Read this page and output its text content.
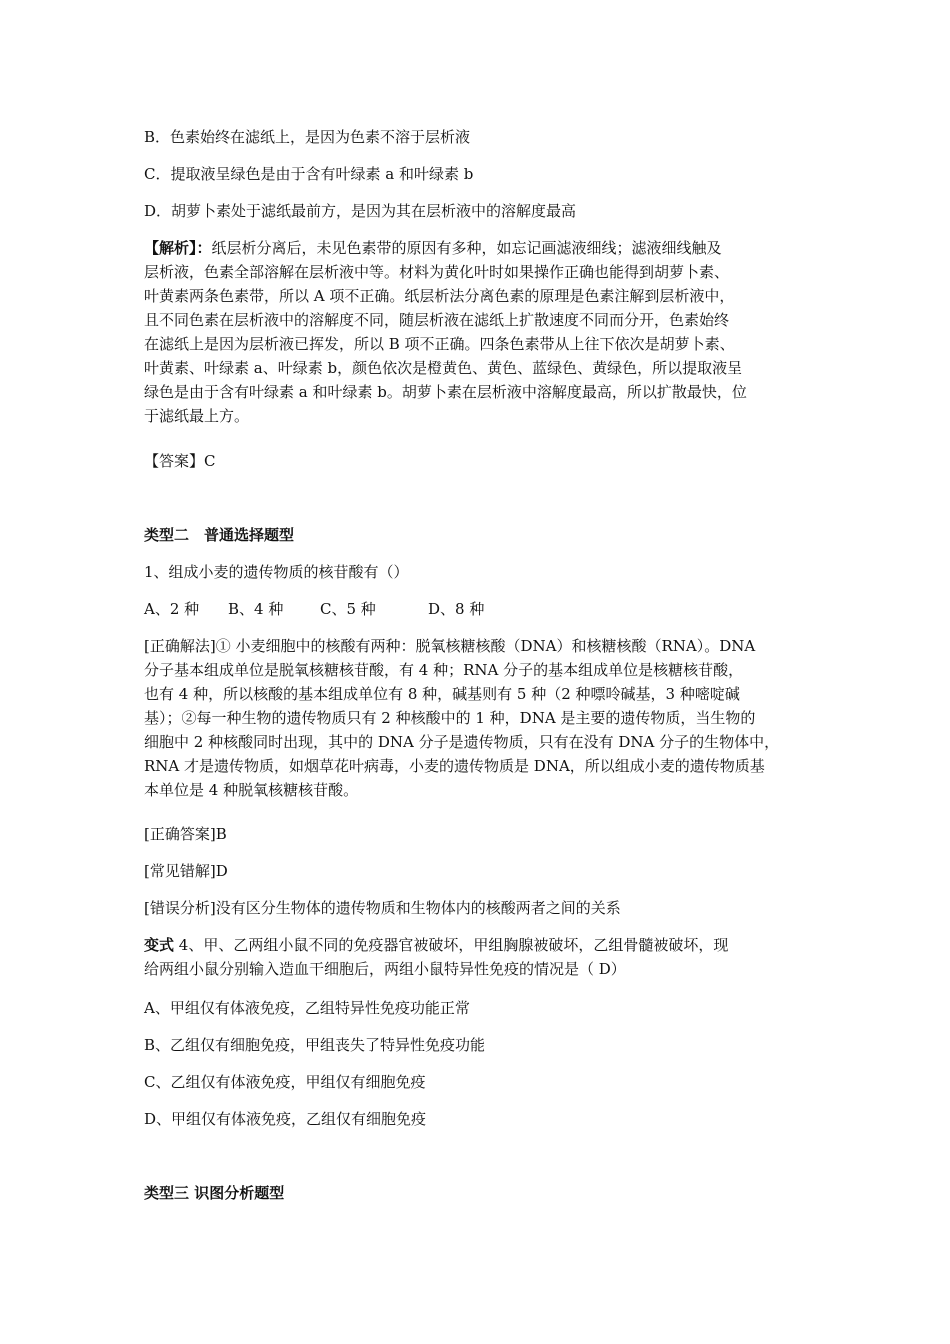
B．色素始终在滤纸上，是因为色素不溶于层析液

C．提取液呈绿色是由于含有叶绿素 a 和叶绿素 b

D．胡萝卜素处于滤纸最前方，是因为其在层析液中的溶解度最高

【解析】：纸层析分离后，未见色素带的原因有多种，如忘记画滤液细线；滤液细线触及

层析液，色素全部溶解在层析液中等。材料为黄化叶时如果操作正确也能得到胡萝卜素、

叶黄素两条色素带，所以 A 项不正确。纸层析法分离色素的原理是色素注解到层析液中，

且不同色素在层析液中的溶解度不同，随层析液在滤纸上扩散速度不同而分开，色素始终

在滤纸上是因为层析液已挥发，所以 B 项不正确。四条色素带从上往下依次是胡萝卜素、

叶黄素、叶绿素 a、叶绿素 b，颜色依次是橙黄色、黄色、蓝绿色、黄绿色，所以提取液呈

绿色是由于含有叶绿素 a 和叶绿素 b。胡萝卜素在层析液中溶解度最高，所以扩散最快，位

于滤纸最上方。

【答案】C

类型二　普通选择题型

1、组成小麦的遗传物质的核苷酸有（）

A、2 种 B、4 种 C、5 种	D、8 种

[正确解法]① 小麦细胞中的核酸有两种：脱氧核糖核酸（DNA）和核糖核酸（RNA）。DNA

分子基本组成单位是脱氧核糖核苷酸，有 4 种；RNA 分子的基本组成单位是核糖核苷酸，

也有 4 种，所以核酸的基本组成单位有 8 种，碱基则有 5 种（2 种嘌呤碱基，3 种嘧啶碱

基）；②每一种生物的遗传物质只有 2 种核酸中的 1 种，DNA 是主要的遗传物质，当生物的

细胞中 2 种核酸同时出现，其中的 DNA 分子是遗传物质，只有在没有 DNA 分子的生物体中，

RNA 才是遗传物质，如烟草花叶病毒，小麦的遗传物质是 DNA，所以组成小麦的遗传物质基

本单位是 4 种脱氧核糖核苷酸。

[正确答案]B

[常见错解]D

[错误分析]没有区分生物体的遗传物质和生物体内的核酸两者之间的关系

变式 4、甲、乙两组小鼠不同的免疫器官被破坏，甲组胸腺被破坏，乙组骨髓被破坏，现

给两组小鼠分别输入造血干细胞后，两组小鼠特异性免疫的情况是（ D）

A、甲组仅有体液免疫，乙组特异性免疫功能正常

B、乙组仅有细胞免疫，甲组丧失了特异性免疫功能

C、乙组仅有体液免疫，甲组仅有细胞免疫

D、甲组仅有体液免疫，乙组仅有细胞免疫

类型三 识图分析题型
